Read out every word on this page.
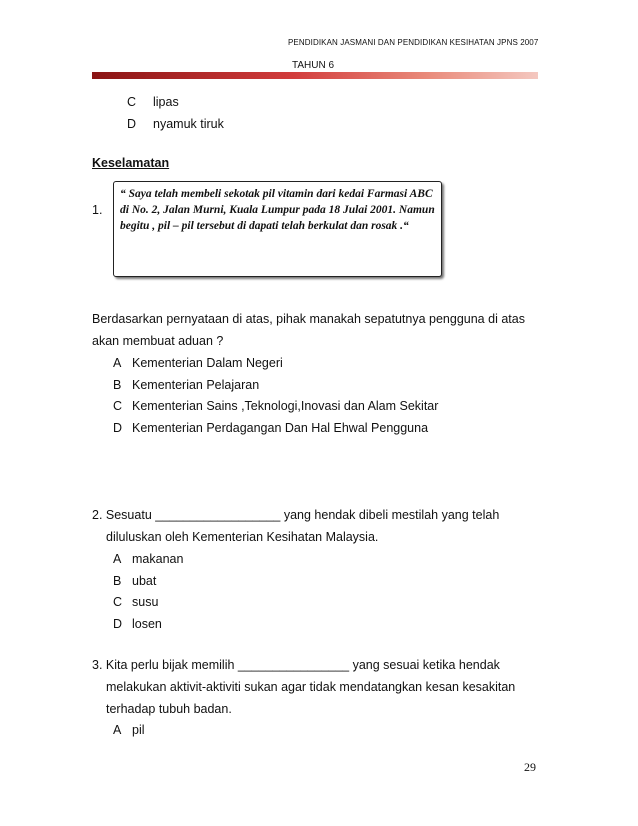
PENDIDIKAN JASMANI DAN PENDIDIKAN KESIHATAN JPNS 2007
TAHUN 6
C lipas
D nyamuk tiruk
Keselamatan
1.
“ Saya telah membeli sekotak pil vitamin dari kedai Farmasi ABC di No. 2, Jalan Murni, Kuala Lumpur pada 18 Julai 2001. Namun begitu , pil – pil tersebut di dapati telah berkulat dan rosak .“
Berdasarkan pernyataan di atas, pihak manakah sepatutnya pengguna di atas
akan membuat aduan ?
A Kementerian Dalam Negeri
B Kementerian Pelajaran
C Kementerian Sains ,Teknologi,Inovasi dan Alam Sekitar
D Kementerian Perdagangan Dan Hal Ehwal Pengguna
2. Sesuatu __________________ yang hendak dibeli mestilah yang telah
diluluskan oleh Kementerian Kesihatan Malaysia.
A makanan
B ubat
C susu
D losen
3. Kita perlu bijak memilih ________________ yang sesuai ketika hendak
melakukan aktivit-aktiviti sukan agar tidak mendatangkan kesan kesakitan
terhadap tubuh badan.
A pil
29
